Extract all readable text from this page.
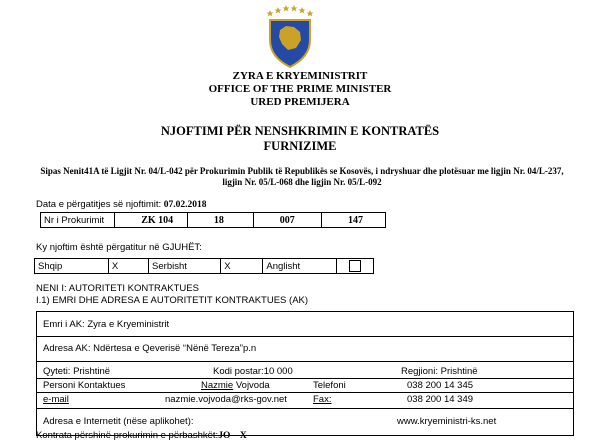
ZYRA E KRYEMINISTRIT
OFFICE OF THE PRIME MINISTER
URED PREMIJERA
NJOFTIMI PËR NENSHKRIMIN E KONTRATËS
FURNIZIME
Sipas Nenit41A të Ligjit Nr. 04/L-042 për Prokurimin Publik të Republikës se Kosovës, i ndryshuar dhe plotësuar me ligjin Nr. 04/L-237, ligjin Nr. 05/L-068 dhe ligjin Nr. 05/L-092
Data e përgatitjes së njoftimit: 07.02.2018
Nr i Prokurimit	ZK 104	18	007	147
Ky njoftim është përgatitur në GJUHËT:
Shqip	X	Serbisht	X	Anglisht	
NENI I: AUTORITETI KONTRAKTUES
I.1) EMRI DHE ADRESA E AUTORITETIT KONTRAKTUES (AK)
Emri i AK: Zyra e Kryeministrit
Adresa AK: Ndërtesa e Qeverisë “Nënë Tereza”p.n
Qyteti: Prishtinë	Kodi postar:10 000	Regjioni: Prishtinë
Personi Kontaktues	Nazmie Vojvoda	Telefoni	038 200 14 345
e-mail	nazmie.vojvoda@rks-gov.net	Fax:	038 200 14 349
Adresa e Internetit (nëse aplikohet):	www.kryeministri-ks.net
Kontrata përshinë prokurimin e përbashkët:JO    X
